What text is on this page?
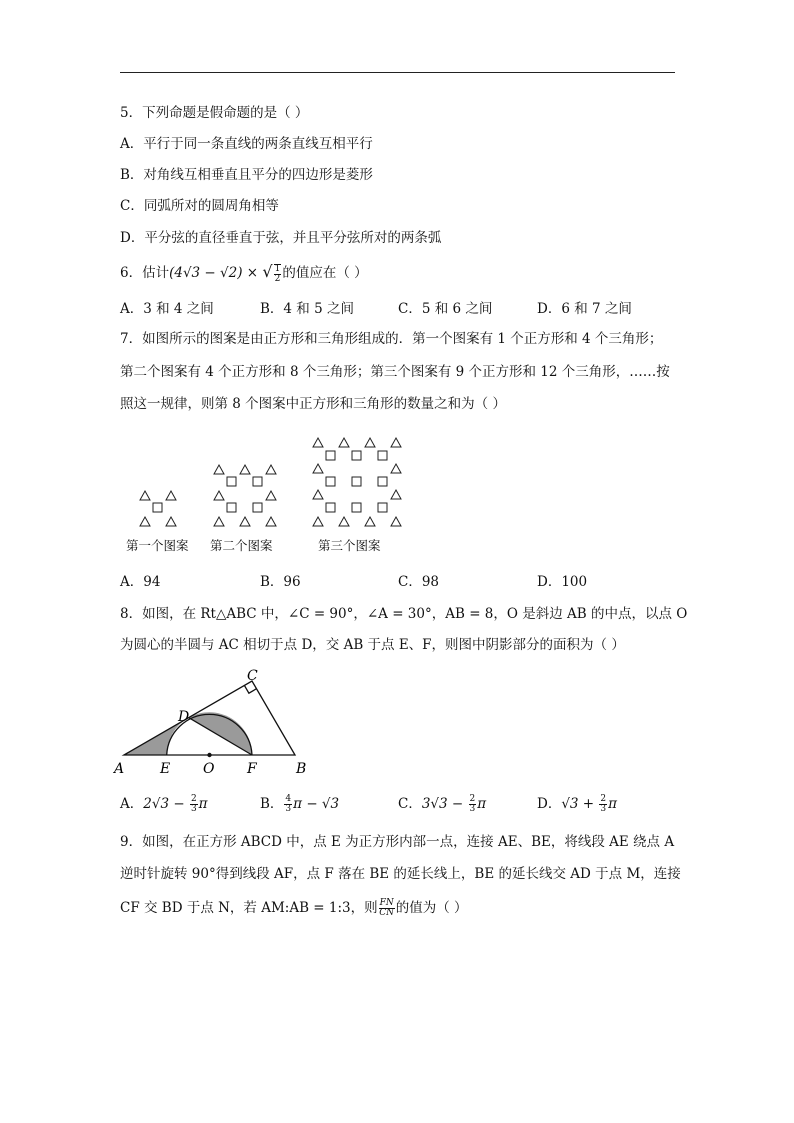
5．下列命题是假命题的是（ ）
A．平行于同一条直线的两条直线互相平行
B．对角线互相垂直且平分的四边形是菱形
C．同弧所对的圆周角相等
D．平分弦的直径垂直于弦，并且平分弦所对的两条弧
6．估计(4√3 − √2) × √ $\frac{1}{2}$ 的值应在（ ）
A．3 和 4 之间	B．4 和 5 之间	C．5 和 6 之间	D．6 和 7 之间
7．如图所示的图案是由正方形和三角形组成的．第一个图案有 1 个正方形和 4 个三角形；
第二个图案有 4 个正方形和 8 个三角形；第三个图案有 9 个正方形和 12 个三角形，……按
照这一规律，则第 8 个图案中正方形和三角形的数量之和为（ ）
第一个图案 第二个图案	第三个图案
A．94	B．96	C．98	D．100
8．如图，在 Rt△ABC 中，∠C = 90°，∠A = 30°，AB = 8，O 是斜边 AB 的中点，以点 O
为圆心的半圆与 AC 相切于点 D，交 AB 于点 E、F，则图中阴影部分的面积为（ ）
A	E O F	B
C
D
A．$2√3 - \frac{2}{3}$ π	B． $\frac{4}{3}$ π − √3	C．$3√3 - \frac{2}{3}$ π	D．$√3 + \frac{2}{3}$ π
9．如图，在正方形 ABCD 中，点 E 为正方形内部一点，连接 AE、BE，将线段 AE 绕点 A
逆时针旋转 90°得到线段 AF，点 F 落在 BE 的延长线上，BE 的延长线交 AD 于点 M，连接
CF 交 BD 于点 N，若 AM:AB = 1:3，则 $\frac{FN}{CN}$ 的值为（ ）
